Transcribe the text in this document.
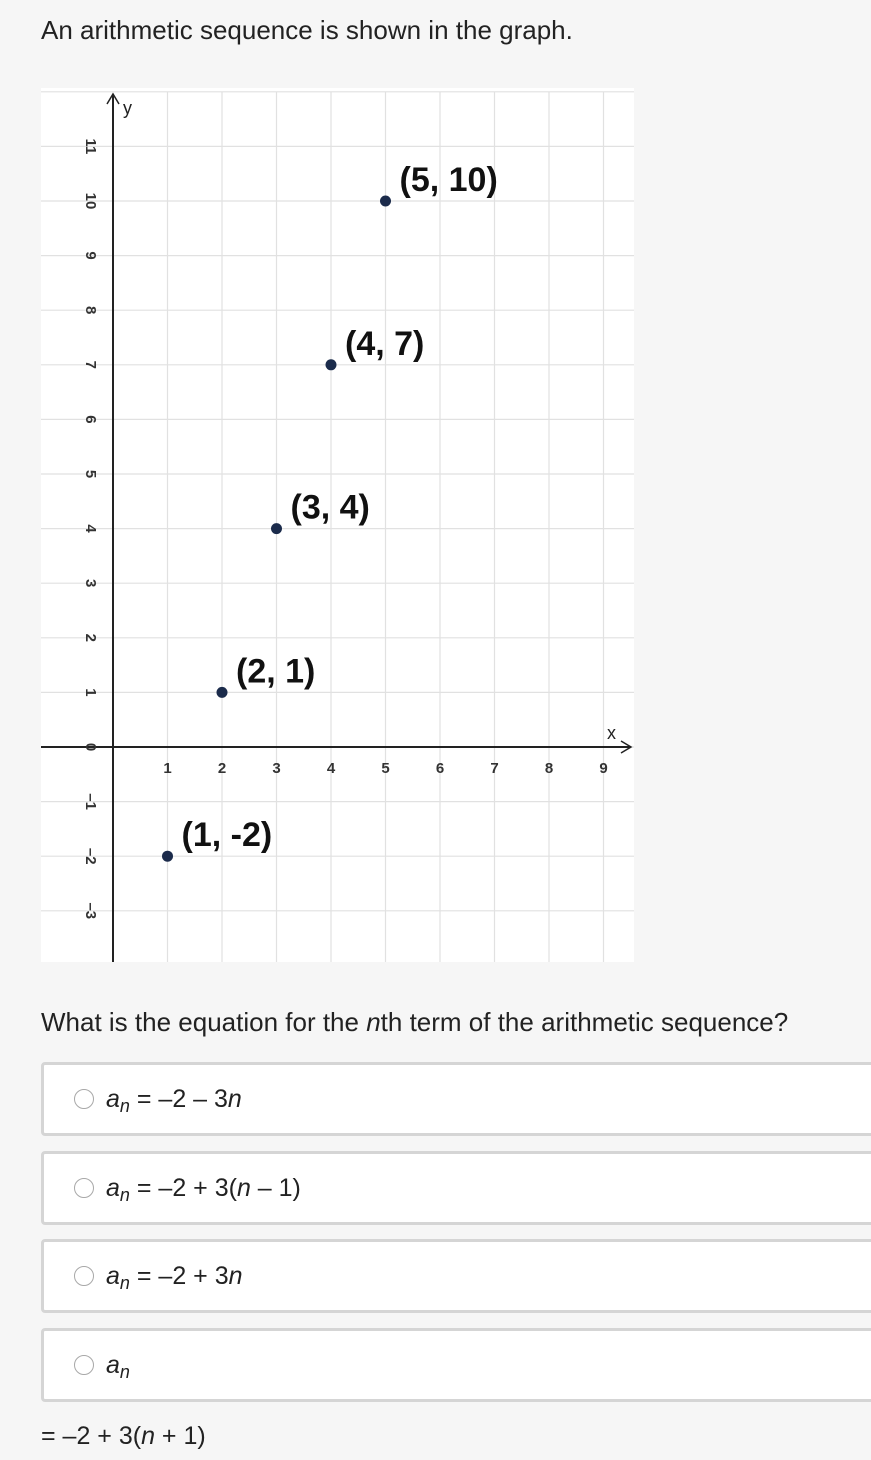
An arithmetic sequence is shown in the graph.
y
x
–3
–2
–1
0
1
2
3
4
5
6
7
8
9
10
11
1	2	3	4	5	6	7	8	9
(1, -2)
(2, 1)
(3, 4)
(4, 7)
(5, 10)
What is the equation for the nth term of the arithmetic sequence?
$a_n = -2 - 3n$
$a_n = -2 + 3(n - 1)$
$a_n = -2 + 3n$
$a_n$
= –2 + 3(n + 1)
